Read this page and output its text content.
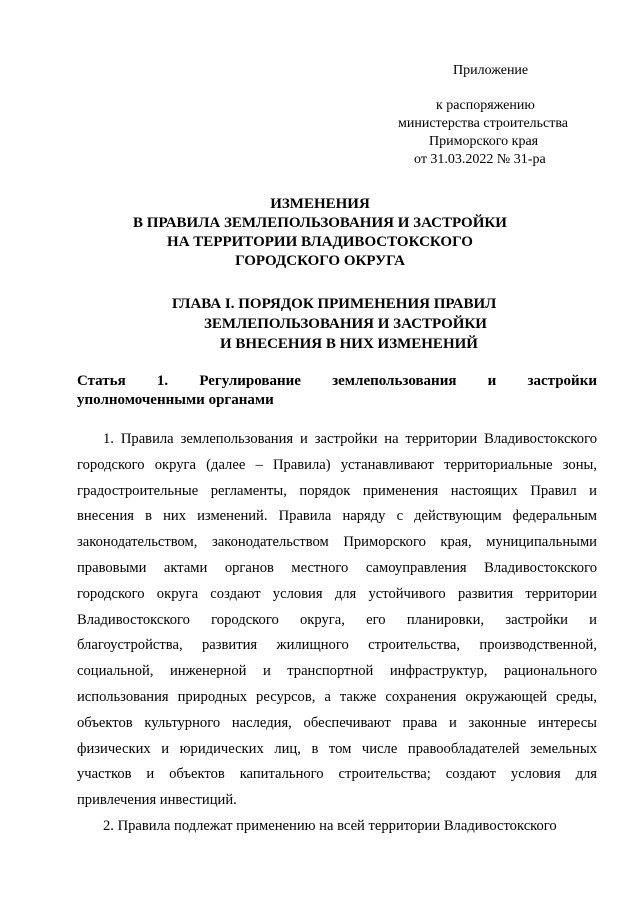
Приложение
к распоряжению
министерства строительства
Приморского края
от 31.03.2022 № 31-ра
ИЗМЕНЕНИЯ
В ПРАВИЛА ЗЕМЛЕПОЛЬЗОВАНИЯ И ЗАСТРОЙКИ
НА ТЕРРИТОРИИ ВЛАДИВОСТОКСКОГО
ГОРОДСКОГО ОКРУГА
ГЛАВА I. ПОРЯДОК ПРИМЕНЕНИЯ ПРАВИЛ
ЗЕМЛЕПОЛЬЗОВАНИЯ И ЗАСТРОЙКИ
И ВНЕСЕНИЯ В НИХ ИЗМЕНЕНИЙ
Статья 1. Регулирование землепользования и застройки
уполномоченными органами

1. Правила землепользования и застройки на территории Владивостокского городского округа (далее – Правила) устанавливают территориальные зоны, градостроительные регламенты, порядок применения настоящих Правил и внесения в них изменений. Правила наряду с действующим федеральным законодательством, законодательством Приморского края, муниципальными правовыми актами органов местного самоуправления Владивостокского городского округа создают условия для устойчивого развития территории Владивостокского городского округа, его планировки, застройки и благоустройства, развития жилищного строительства, производственной, социальной, инженерной и транспортной инфраструктур, рационального использования природных ресурсов, а также сохранения окружающей среды, объектов культурного наследия, обеспечивают права и законные интересы физических и юридических лиц, в том числе правообладателей земельных участков и объектов капитального строительства; создают условия для привлечения инвестиций.

2. Правила подлежат применению на всей территории Владивостокского
